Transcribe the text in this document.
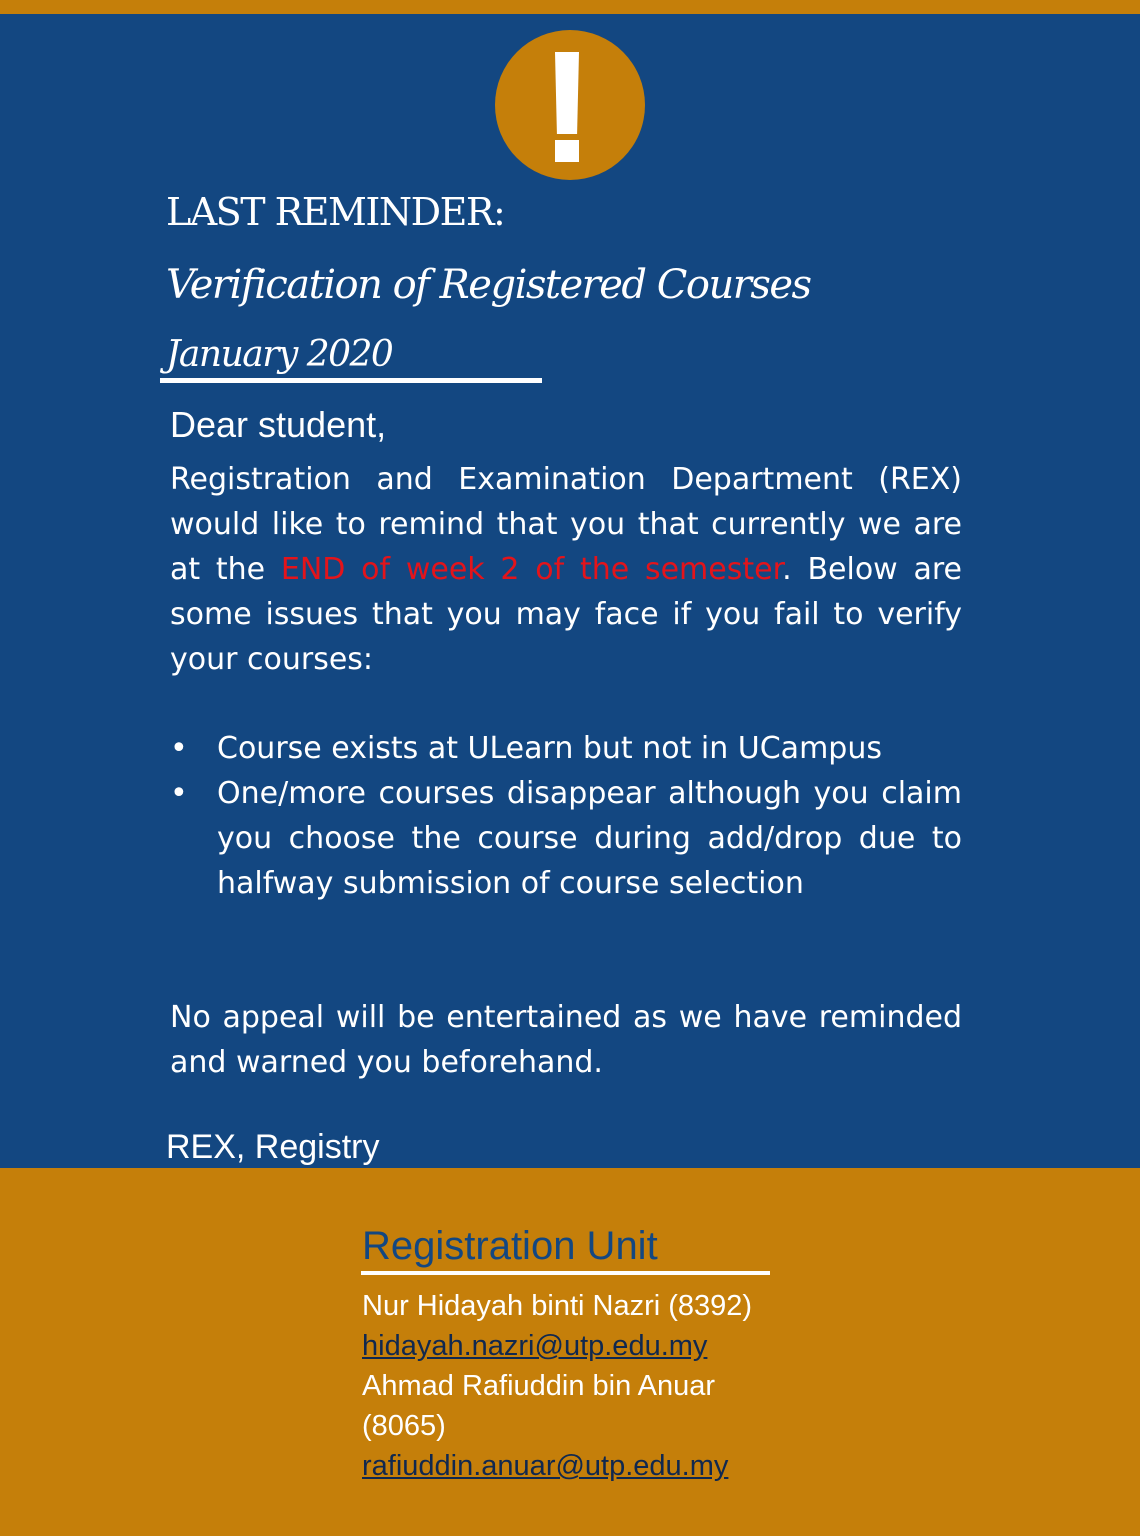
LAST REMINDER:
Verification of Registered Courses
January 2020
Dear student,

Registration and Examination Department (REX) would like to remind that you that currently we are at the END of week 2 of the semester. Below are some issues that you may face if you fail to verify your courses:

• Course exists at ULearn but not in UCampus
• One/more courses disappear although you claim you choose the course during add/drop due to halfway submission of course selection

No appeal will be entertained as we have reminded and warned you beforehand.

REX, Registry
Registration Unit
Nur Hidayah binti Nazri (8392)
hidayah.nazri@utp.edu.my
Ahmad Rafiuddin bin Anuar (8065)
rafiuddin.anuar@utp.edu.my
